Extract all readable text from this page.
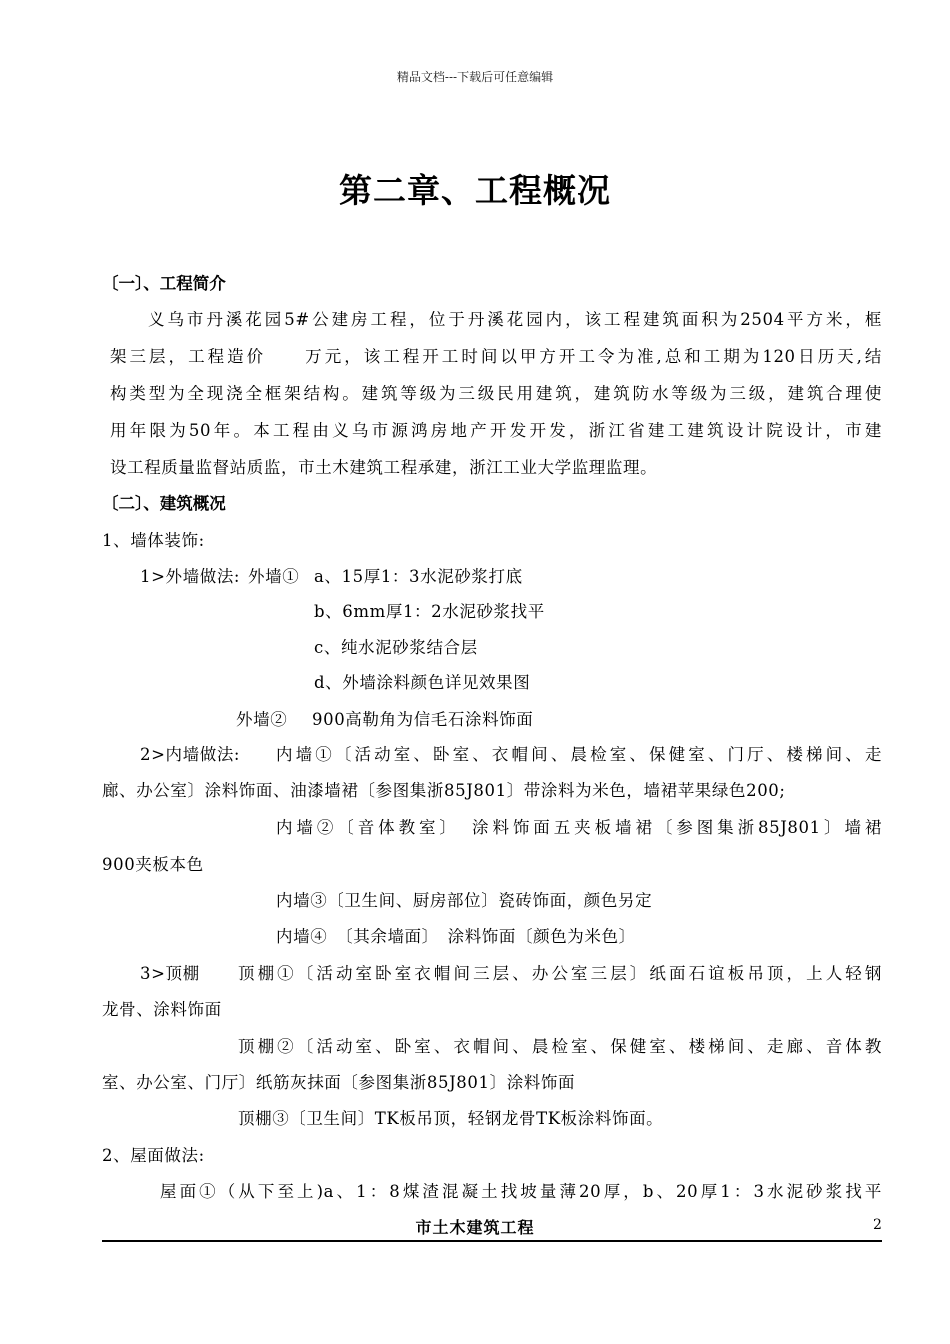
精品文档---下载后可任意编辑
第二章、工程概况
〔一〕、工程简介
义乌市丹溪花园5#公建房工程，位于丹溪花园内，该工程建筑面积为2504平方米，框
架三层，工程造价　　万元，该工程开工时间以甲方开工令为准,总和工期为120日历天,结
构类型为全现浇全框架结构。建筑等级为三级民用建筑，建筑防水等级为三级，建筑合理使
用年限为50年。本工程由义乌市源鸿房地产开发开发，浙江省建工建筑设计院设计，市建
设工程质量监督站质监，市土木建筑工程承建，浙江工业大学监理监理。
〔二〕、建筑概况
1、墙体装饰:
1>外墙做法: 外墙① a、15厚1：3水泥砂浆打底
b、6mm厚1：2水泥砂浆找平
c、纯水泥砂浆结合层
d、外墙涂料颜色详见效果图
外墙② 900高勒角为信毛石涂料饰面
2>内墙做法: 内墙①〔活动室、卧室、衣帽间、晨检室、保健室、门厅、楼梯间、走
廊、办公室〕涂料饰面、油漆墙裙〔参图集浙85J801〕带涂料为米色，墙裙苹果绿色200;
内墙②〔音体教室〕　涂料饰面五夹板墙裙〔参图集浙85J801〕墙裙
900夹板本色
内墙③〔卫生间、厨房部位〕瓷砖饰面，颜色另定
内墙④　〔其余墙面〕　涂料饰面〔颜色为米色〕
3>顶棚 顶棚①〔活动室卧室衣帽间三层、办公室三层〕纸面石谊板吊顶，上人轻钢
龙骨、涂料饰面
顶棚②〔活动室、卧室、衣帽间、晨检室、保健室、楼梯间、走廊、音体教
室、办公室、门厅〕纸筋灰抹面〔参图集浙85J801〕涂料饰面
顶棚③〔卫生间〕TK板吊顶，轻钢龙骨TK板涂料饰面。
2、屋面做法:
屋面①（从下至上)a、1：8煤渣混凝土找坡量薄20厚，b、20厚1：3水泥砂浆找平
市土木建筑工程	2
